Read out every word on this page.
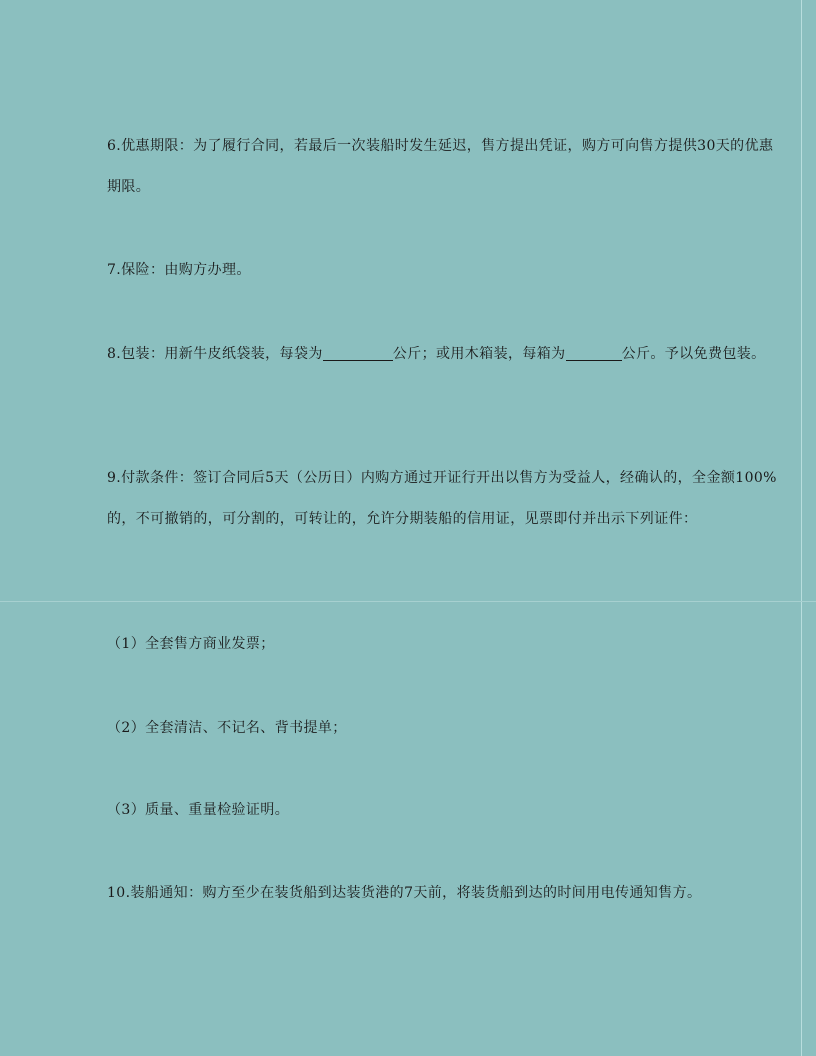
6.优惠期限：为了履行合同，若最后一次装船时发生延迟，售方提出凭证，购方可向售方提供30天的优惠期限。

7.保险：由购方办理。

8.包装：用新牛皮纸袋装，每袋为	公斤；或用木箱装，每箱为	公斤。予以免费包装。

9.付款条件：签订合同后5天（公历日）内购方通过开证行开出以售方为受益人，经确认的，全金额100%的，不可撤销的，可分割的，可转让的，允许分期装船的信用证，见票即付并出示下列证件：

（1）全套售方商业发票；

（2）全套清洁、不记名、背书提单；

（3）质量、重量检验证明。

10.装船通知：购方至少在装货船到达装货港的7天前，将装货船到达的时间用电传通知售方。
